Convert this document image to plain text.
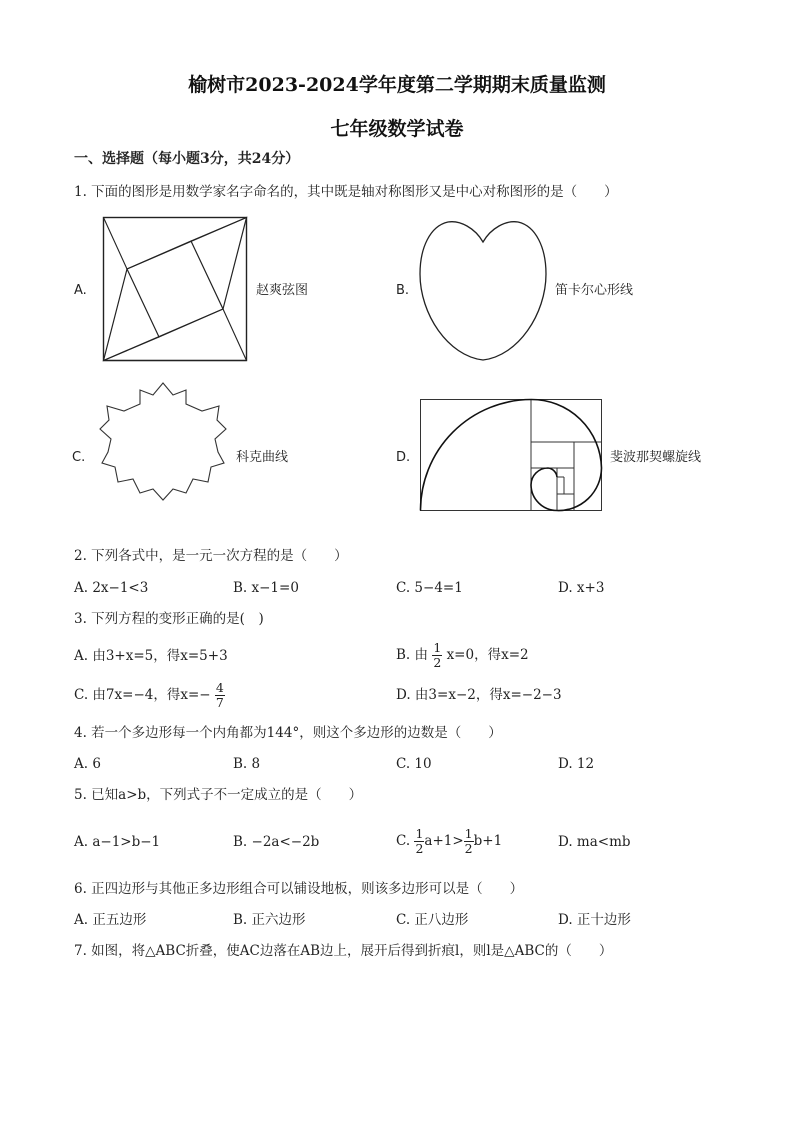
榆树市2023-2024学年度第二学期期末质量监测
七年级数学试卷
一、选择题（每小题3分，共24分）
1. 下面的图形是用数学家名字命名的，其中既是轴对称图形又是中心对称图形的是（　　）
A.	赵爽弦图	B.	笛卡尔心形线
C.	科克曲线	D.	斐波那契螺旋线
2. 下列各式中，是一元一次方程的是（　　）
A. 2x−1<3	B. x−1=0	C. 5−4=1	D. x+3
3. 下列方程的变形正确的是(　)
A. 由3+x=5，得x=5+3	B. 由 $\frac{1}{2} x=0$，得x=2
C. 由7x=−4，得$x=- \frac{4}{7}$	D. 由3=x−2，得x=−2−3
4. 若一个多边形每一个内角都为144°，则这个多边形的边数是（　　）
A. 6	B. 8	C. 10	D. 12
5. 已知a>b，下列式子不一定成立的是（　　）
A. a−1>b−1	B. −2a<−2b	C. $\frac{1}{2} a+1> \frac{1}{2} b+1$	D. ma<mb
6. 正四边形与其他正多边形组合可以铺设地板，则该多边形可以是（　　）
A. 正五边形	B. 正六边形	C. 正八边形	D. 正十边形
7. 如图，将△ABC折叠，使AC边落在AB边上，展开后得到折痕l，则l是△ABC的（　　）
